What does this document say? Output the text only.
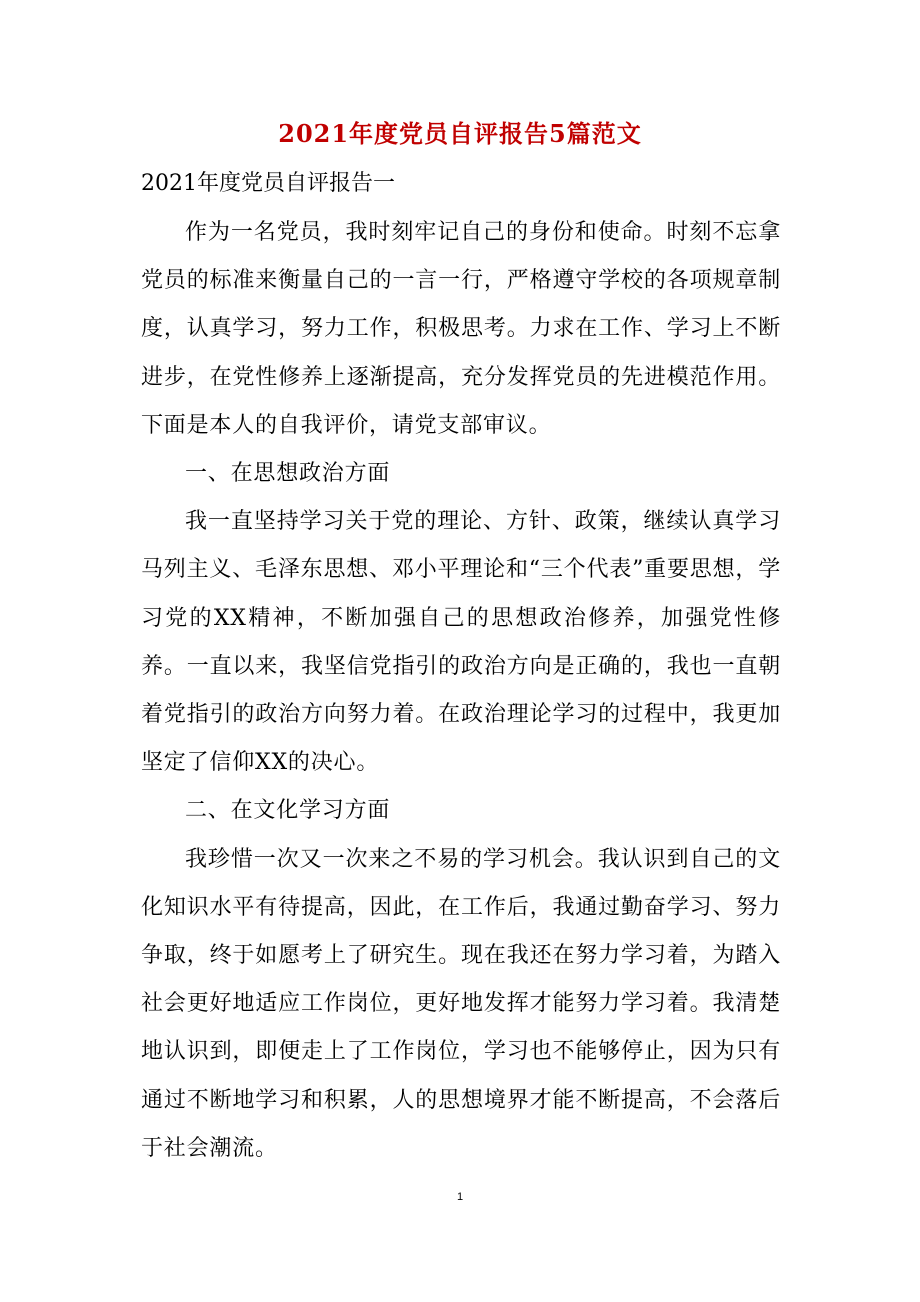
2021年度党员自评报告5篇范文
2021年度党员自评报告一

作为一名党员，我时刻牢记自己的身份和使命。时刻不忘拿党员的标准来衡量自己的一言一行，严格遵守学校的各项规章制度，认真学习，努力工作，积极思考。力求在工作、学习上不断进步，在党性修养上逐渐提高，充分发挥党员的先进模范作用。下面是本人的自我评价，请党支部审议。

一、在思想政治方面

我一直坚持学习关于党的理论、方针、政策，继续认真学习马列主义、毛泽东思想、邓小平理论和“三个代表”重要思想，学习党的XX精神，不断加强自己的思想政治修养，加强党性修养。一直以来，我坚信党指引的政治方向是正确的，我也一直朝着党指引的政治方向努力着。在政治理论学习的过程中，我更加坚定了信仰XX的决心。

二、在文化学习方面

我珍惜一次又一次来之不易的学习机会。我认识到自己的文化知识水平有待提高，因此，在工作后，我通过勤奋学习、努力争取，终于如愿考上了研究生。现在我还在努力学习着，为踏入社会更好地适应工作岗位，更好地发挥才能努力学习着。我清楚地认识到，即便走上了工作岗位，学习也不能够停止，因为只有通过不断地学习和积累，人的思想境界才能不断提高，不会落后于社会潮流。

1
